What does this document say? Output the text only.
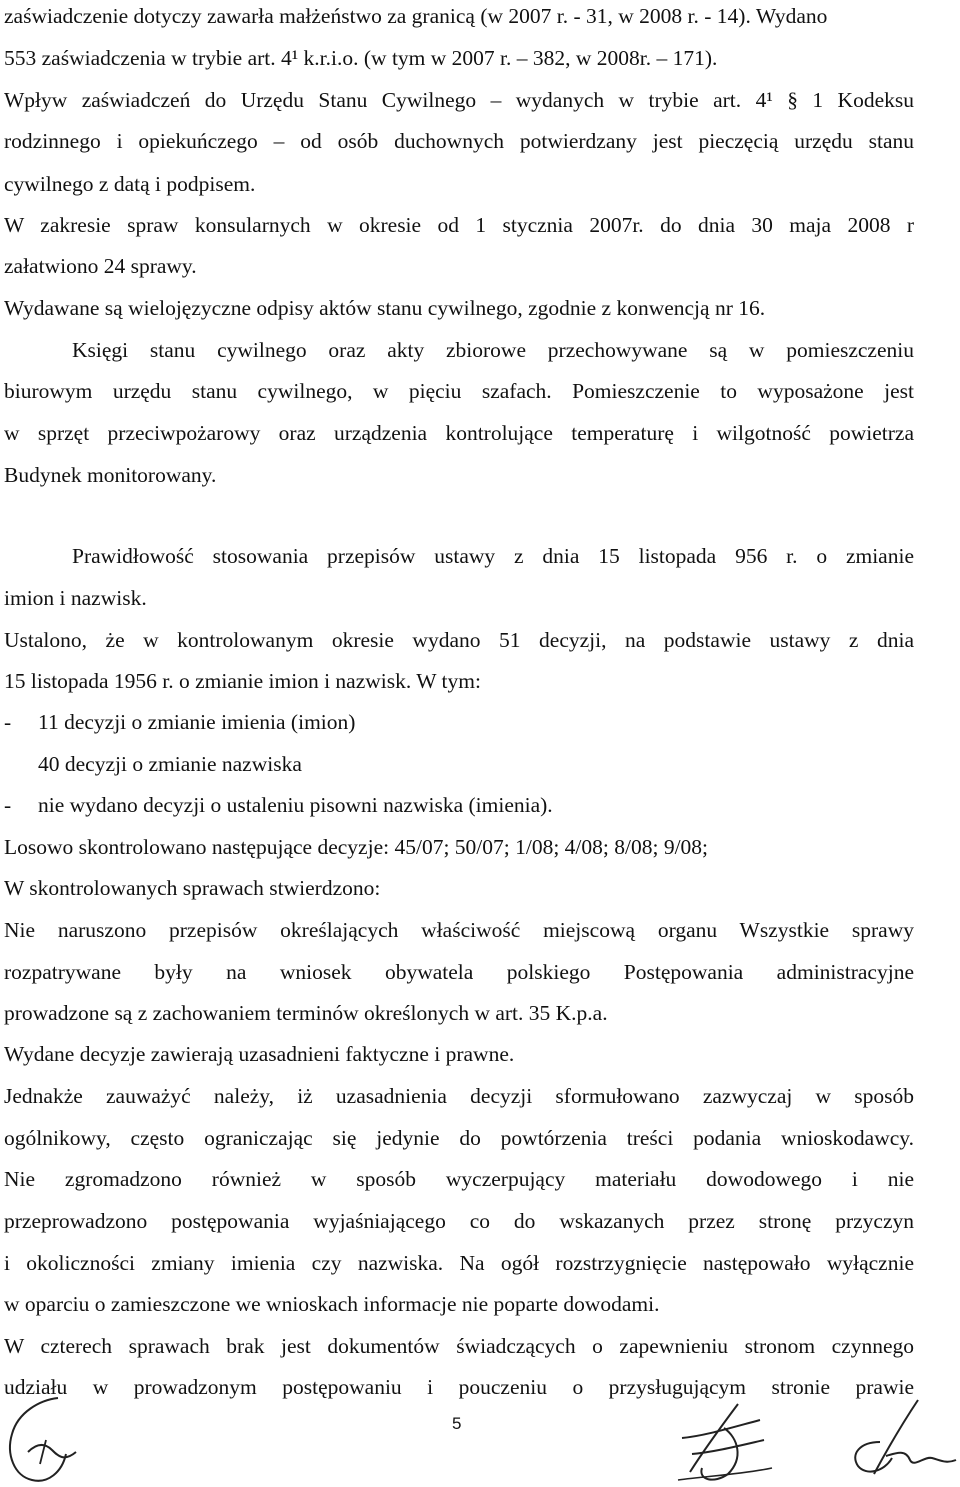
zaświadczenie dotyczy zawarła małżeństwo za granicą (w 2007 r. - 31, w 2008 r. - 14). Wydano
553 zaświadczenia w trybie art. 4¹ k.r.i.o. (w tym w 2007 r. – 382, w 2008r. – 171).
Wpływ zaświadczeń do Urzędu Stanu Cywilnego – wydanych w trybie art. 4¹ § 1 Kodeksu
rodzinnego i opiekuńczego – od osób duchownych potwierdzany jest pieczęcią urzędu stanu
cywilnego z datą i podpisem.
W zakresie spraw konsularnych w okresie od 1 stycznia 2007r. do dnia 30 maja 2008 r
załatwiono 24 sprawy.
Wydawane są wielojęzyczne odpisy aktów stanu cywilnego, zgodnie z konwencją nr 16.
Księgi stanu cywilnego oraz akty zbiorowe przechowywane są w pomieszczeniu
biurowym urzędu stanu cywilnego, w pięciu szafach. Pomieszczenie to wyposażone jest
w sprzęt przeciwpożarowy oraz urządzenia kontrolujące temperaturę i wilgotność powietrza
Budynek monitorowany.
Prawidłowość stosowania przepisów ustawy z dnia 15 listopada 956 r. o zmianie
imion i nazwisk.
Ustalono, że w kontrolowanym okresie wydano 51 decyzji, na podstawie ustawy z dnia
15 listopada 1956 r. o zmianie imion i nazwisk. W tym:
- 11 decyzji o zmianie imienia (imion)
40 decyzji o zmianie nazwiska
- nie wydano decyzji o ustaleniu pisowni nazwiska (imienia).
Losowo skontrolowano następujące decyzje: 45/07; 50/07; 1/08; 4/08; 8/08; 9/08;
W skontrolowanych sprawach stwierdzono:
Nie naruszono przepisów określających właściwość miejscową organu Wszystkie sprawy
rozpatrywane były na wniosek obywatela polskiego Postępowania administracyjne
prowadzone są z zachowaniem terminów określonych w art. 35 K.p.a.
Wydane decyzje zawierają uzasadnieni faktyczne i prawne.
Jednakże zauważyć należy, iż uzasadnienia decyzji sformułowano zazwyczaj w sposób
ogólnikowy, często ograniczając się jedynie do powtórzenia treści podania wnioskodawcy.
Nie zgromadzono również w sposób wyczerpujący materiału dowodowego i nie
przeprowadzono postępowania wyjaśniającego co do wskazanych przez stronę przyczyn
i okoliczności zmiany imienia czy nazwiska. Na ogół rozstrzygnięcie następowało wyłącznie
w oparciu o zamieszczone we wnioskach informacje nie poparte dowodami.
W czterech sprawach brak jest dokumentów świadczących o zapewnieniu stronom czynnego
udziału w prowadzonym postępowaniu i pouczeniu o przysługującym stronie prawie
5
